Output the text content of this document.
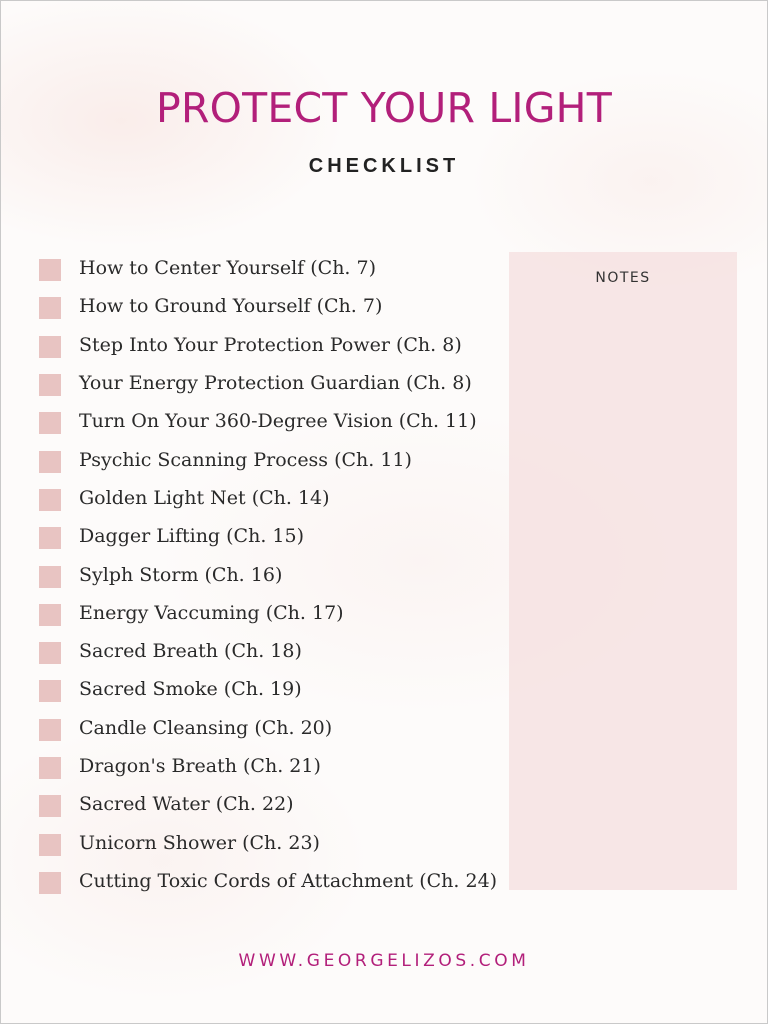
PROTECT YOUR LIGHT
CHECKLIST
How to Center Yourself (Ch. 7)
How to Ground Yourself (Ch. 7)
Step Into Your Protection Power (Ch. 8)
Your Energy Protection Guardian (Ch. 8)
Turn On Your 360-Degree Vision (Ch. 11)
Psychic Scanning Process (Ch. 11)
Golden Light Net (Ch. 14)
Dagger Lifting (Ch. 15)
Sylph Storm (Ch. 16)
Energy Vaccuming (Ch. 17)
Sacred Breath (Ch. 18)
Sacred Smoke (Ch. 19)
Candle Cleansing (Ch. 20)
Dragon's Breath (Ch. 21)
Sacred Water (Ch. 22)
Unicorn Shower (Ch. 23)
Cutting Toxic Cords of Attachment (Ch. 24)
NOTES
WWW.GEORGELIZOS.COM
